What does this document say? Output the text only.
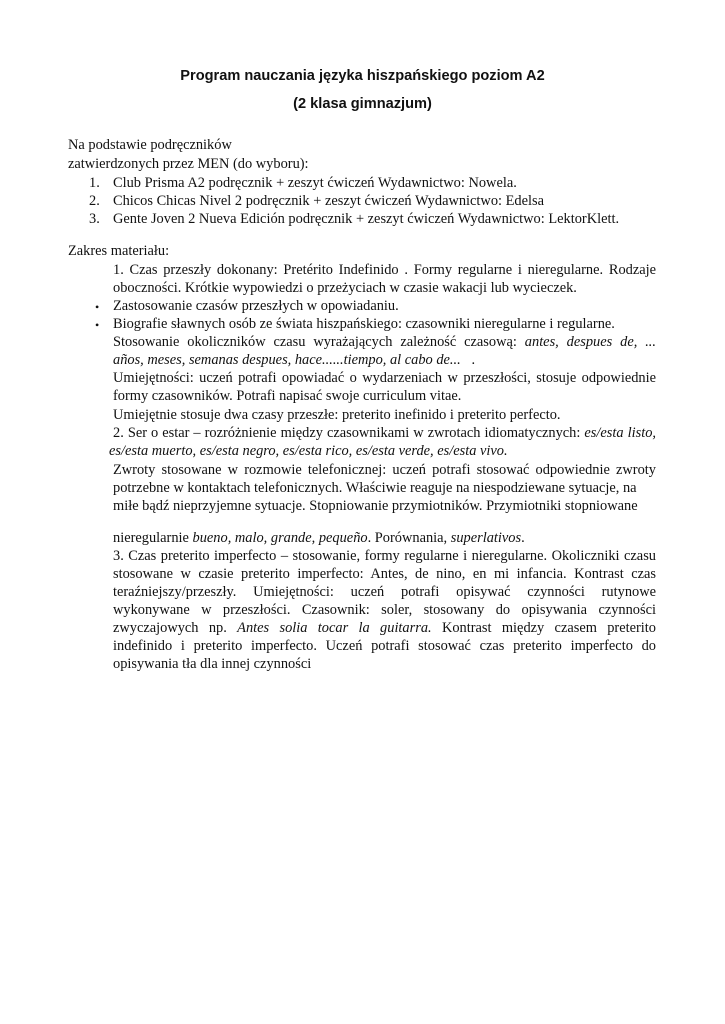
Program nauczania języka hiszpańskiego poziom A2
(2 klasa gimnazjum)
Na podstawie podręczników
zatwierdzonych przez MEN (do wyboru):
1. Club Prisma A2 podręcznik + zeszyt ćwiczeń Wydawnictwo: Nowela.
2. Chicos Chicas Nivel 2 podręcznik + zeszyt ćwiczeń Wydawnictwo: Edelsa
3. Gente Joven 2 Nueva Edición podręcznik + zeszyt ćwiczeń Wydawnictwo: LektorKlett.
Zakres materiału:
1. Czas przeszły dokonany: Pretérito Indefinido . Formy regularne i nieregularne. Rodzaje
oboczności. Krótkie wypowiedzi o przeżyciach w czasie wakacji lub wycieczek.
• Zastosowanie czasów przeszłych w opowiadaniu.
• Biografie sławnych osób ze świata hiszpańskiego: czasowniki nieregularne i regularne.
Stosowanie okoliczników czasu wyrażających zależność czasową: antes, despues de, ...
años, meses, semanas despues, hace......tiempo, al cabo de... .
Umiejętności: uczeń potrafi opowiadać o wydarzeniach w przeszłości, stosuje odpowiednie
formy czasowników. Potrafi napisać swoje curriculum vitae.
Umiejętnie stosuje dwa czasy przeszłe: preterito inefinido i preterito perfecto.
2. Ser o estar – rozróżnienie między czasownikami w zwrotach idiomatycznych: es/esta listo,
es/esta muerto, es/esta negro, es/esta rico, es/esta verde, es/esta vivo.
Zwroty stosowane w rozmowie telefonicznej: uczeń potrafi stosować odpowiednie zwroty
potrzebne w kontaktach telefonicznych. Właściwie reaguje na niespodziewane sytuacje, na
miłe bądź nieprzyjemne sytuacje. Stopniowanie przymiotników. Przymiotniki stopniowane
nieregularnie bueno, malo, grande, pequeño. Porównania, superlativos.
3. Czas preterito imperfecto – stosowanie, formy regularne i nieregularne. Okoliczniki czasu
stosowane w czasie preterito imperfecto: Antes, de nino, en mi infancia. Kontrast czas
teraźniejszy/przeszły. Umiejętności: uczeń potrafi opisywać czynności rutynowe
wykonywane w przeszłości. Czasownik: soler, stosowany do opisywania czynności
zwyczajowych np. Antes solia tocar la guitarra. Kontrast między czasem preterito
indefinido i preterito imperfecto. Uczeń potrafi stosować czas preterito imperfecto do
opisywania tła dla innej czynności
